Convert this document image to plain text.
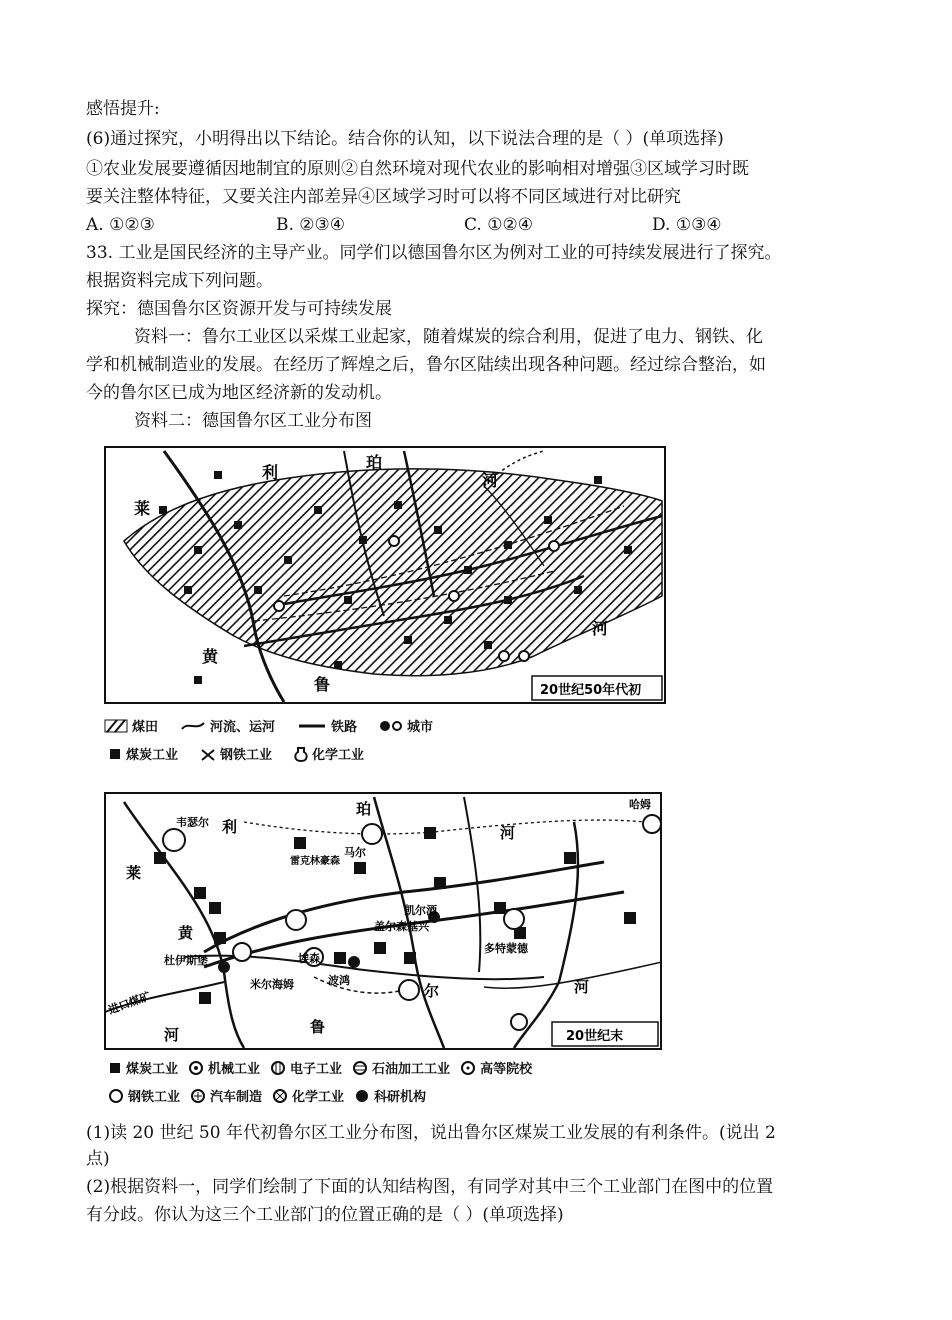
感悟提升:
(6)通过探究，小明得出以下结论。结合你的认知，以下说法合理的是（ ）(单项选择)
①农业发展要遵循因地制宜的原则②自然环境对现代农业的影响相对增强③区域学习时既
要关注整体特征，又要关注内部差异④区域学习时可以将不同区域进行对比研究
A. ①②③	B. ②③④	C. ①②④	D. ①③④
33. 工业是国民经济的主导产业。同学们以德国鲁尔区为例对工业的可持续发展进行了探究。
根据资料完成下列问题。
探究：德国鲁尔区资源开发与可持续发展
资料一：鲁尔工业区以采煤工业起家，随着煤炭的综合利用，促进了电力、钢铁、化
学和机械制造业的发展。在经历了辉煌之后，鲁尔区陆续出现各种问题。经过综合整治，如
今的鲁尔区已成为地区经济新的发动机。
资料二：德国鲁尔区工业分布图
利
珀
河
莱
黄
河
鲁	20世纪50年代初
煤田	河流、运河	铁路	城市
煤炭工业	钢铁工业	化学工业
韦瑟尔 利
珀
马尔
河
哈姆
莱
雷克林豪森
凯尔酒
盖尔森基兴
黄
杜伊斯堡	埃森
波鸿
多特蒙德
米尔海姆	尔	河
进口煤矿
河	鲁
20世纪末
煤炭工业 机械工业 电子工业 石油加工工业 高等院校
钢铁工业 汽车制造 化学工业 科研机构
(1)读 20 世纪 50 年代初鲁尔区工业分布图，说出鲁尔区煤炭工业发展的有利条件。(说出 2
点)
(2)根据资料一，同学们绘制了下面的认知结构图，有同学对其中三个工业部门在图中的位置
有分歧。你认为这三个工业部门的位置正确的是（ ）(单项选择)
